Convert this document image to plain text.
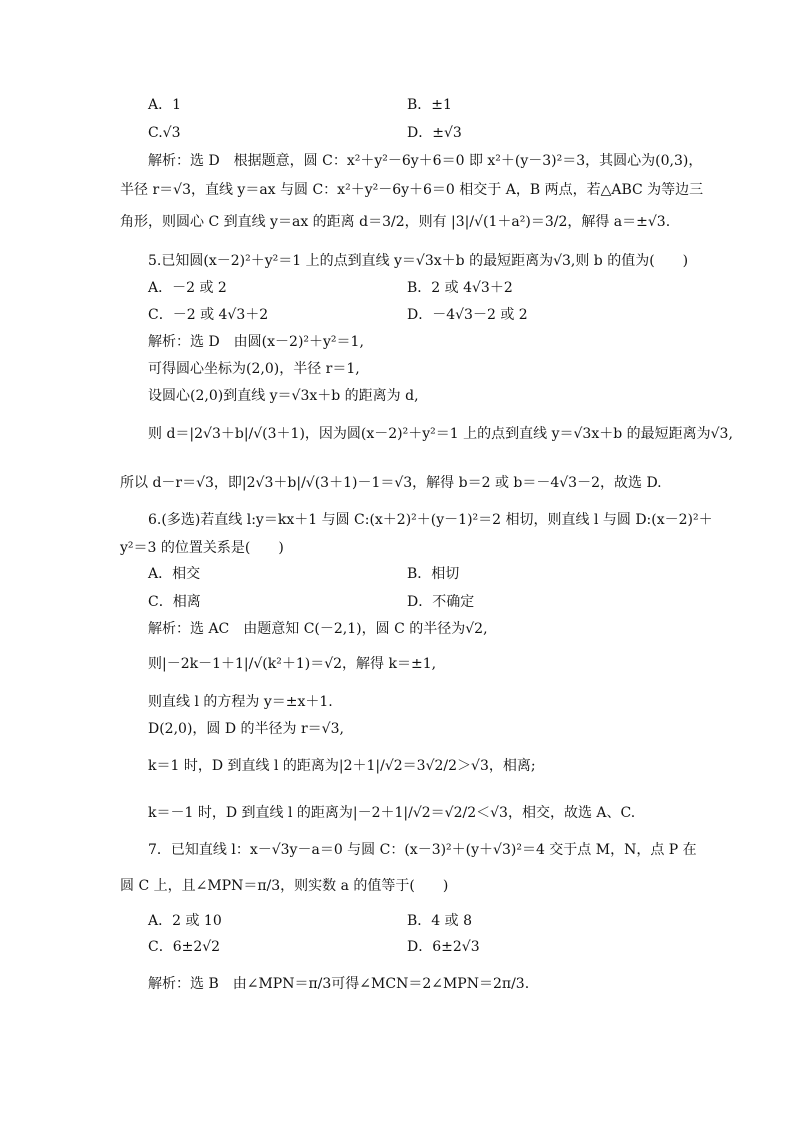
A．1	B．±1
C.√3	D．±√3
解析：选 D　根据题意，圆 C：x²＋y²－6y＋6＝0 即 x²＋(y－3)²＝3，其圆心为(0,3)，
半径 r＝√3，直线 y＝ax 与圆 C：x²＋y²－6y＋6＝0 相交于 A，B 两点，若△ABC 为等边三
角形，则圆心 C 到直线 y＝ax 的距离 d＝3/2，则有 |3|/√(1＋a²)＝3/2，解得 a＝±√3.
5.已知圆(x－2)²＋y²＝1 上的点到直线 y＝√3x＋b 的最短距离为√3,则 b 的值为(　　)
A．－2 或 2	B．2 或 4√3＋2
C．－2 或 4√3＋2	D．－4√3－2 或 2
解析：选 D　由圆(x－2)²＋y²＝1,
可得圆心坐标为(2,0)，半径 r＝1,
设圆心(2,0)到直线 y＝√3x＋b 的距离为 d,
则 d＝|2√3＋b|/√(3＋1)，因为圆(x－2)²＋y²＝1 上的点到直线 y＝√3x＋b 的最短距离为√3,
所以 d－r＝√3，即|2√3＋b|/√(3＋1)－1＝√3，解得 b＝2 或 b＝－4√3－2，故选 D.
6.(多选)若直线 l:y＝kx＋1 与圆 C:(x＋2)²＋(y－1)²＝2 相切，则直线 l 与圆 D:(x－2)²＋
y²＝3 的位置关系是(　　)
A．相交	B．相切
C．相离	D．不确定
解析：选 AC　由题意知 C(－2,1)，圆 C 的半径为√2,
则|－2k－1＋1|/√(k²＋1)＝√2，解得 k＝±1,
则直线 l 的方程为 y＝±x＋1.
D(2,0)，圆 D 的半径为 r＝√3,
k＝1 时，D 到直线 l 的距离为|2＋1|/√2＝3√2/2＞√3，相离;
k＝－1 时，D 到直线 l 的距离为|－2＋1|/√2＝√2/2＜√3，相交，故选 A、C.
7．已知直线 l：x－√3y－a＝0 与圆 C：(x－3)²＋(y＋√3)²＝4 交于点 M，N，点 P 在
圆 C 上，且∠MPN＝π/3，则实数 a 的值等于(　　)
A．2 或 10	B．4 或 8
C．6±2√2	D．6±2√3
解析：选 B　由∠MPN＝π/3可得∠MCN＝2∠MPN＝2π/3.
